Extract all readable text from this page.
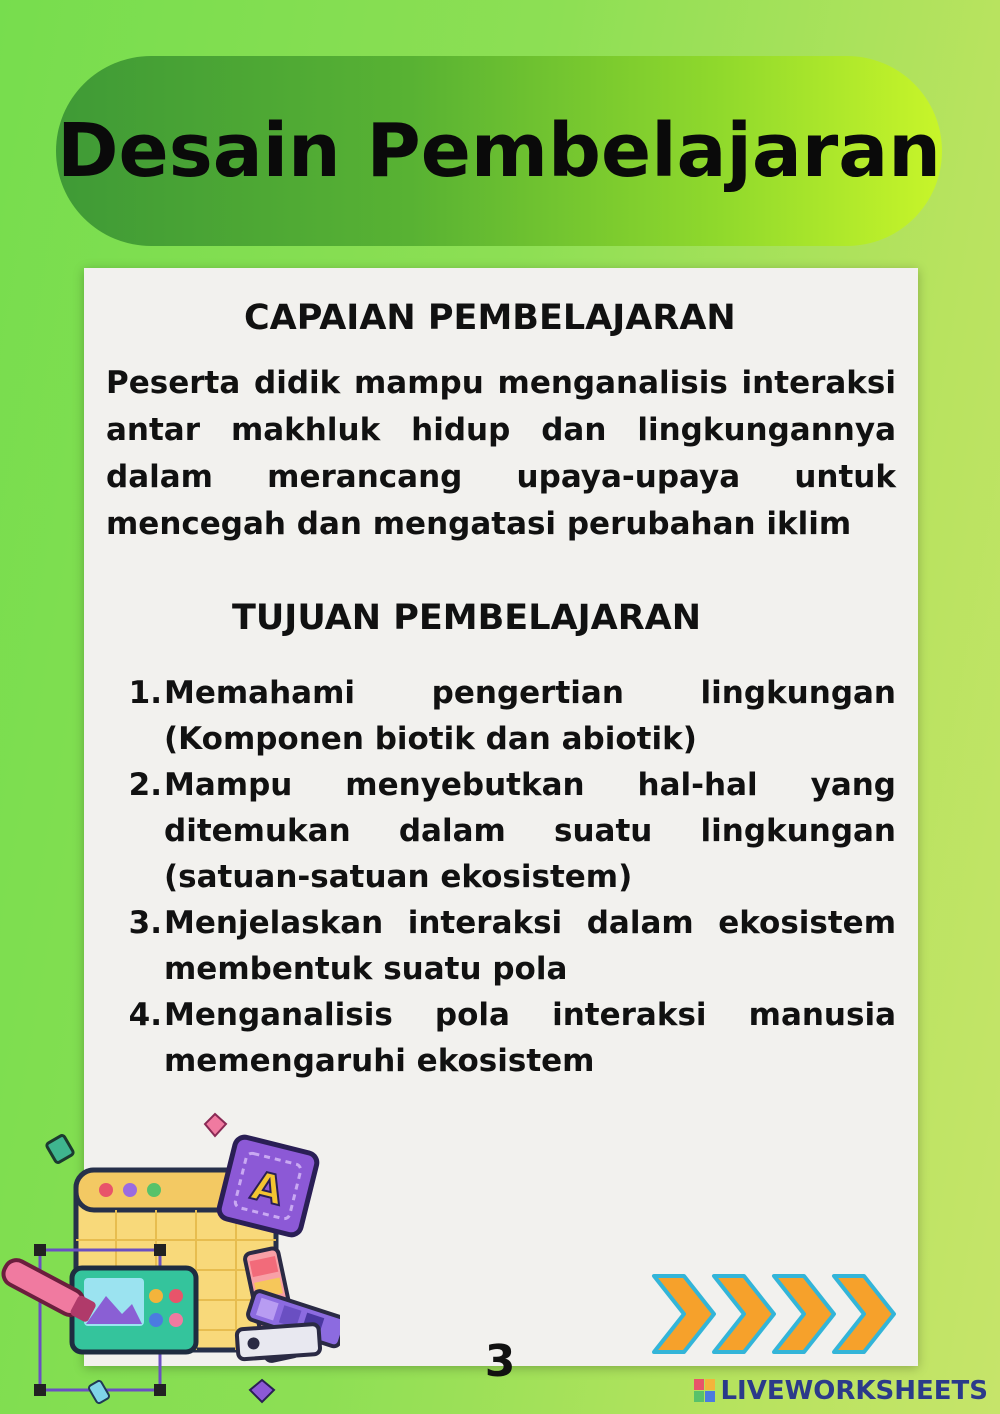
Desain Pembelajaran
CAPAIAN PEMBELAJARAN

Peserta didik mampu menganalisis interaksi antar makhluk hidup dan lingkungannya dalam merancang upaya-upaya untuk mencegah dan mengatasi perubahan iklim

TUJUAN PEMBELAJARAN
1. Memahami pengertian lingkungan (Komponen biotik dan abiotik)
2. Mampu menyebutkan hal-hal yang ditemukan dalam suatu lingkungan (satuan-satuan ekosistem)
3. Menjelaskan interaksi dalam ekosistem membentuk suatu pola
4. Menganalisis pola interaksi manusia memengaruhi ekosistem
A
3
LIVEWORKSHEETS
